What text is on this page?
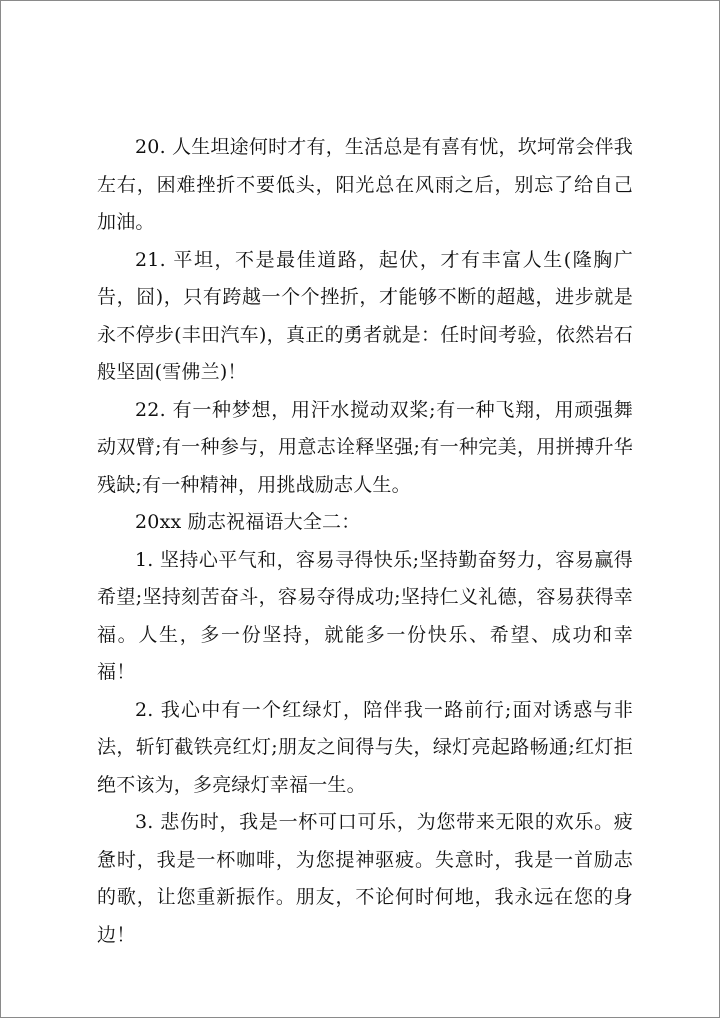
20. 人生坦途何时才有，生活总是有喜有忧，坎坷常会伴我左右，困难挫折不要低头，阳光总在风雨之后，别忘了给自己加油。

21. 平坦，不是最佳道路，起伏，才有丰富人生(隆胸广告，囧)，只有跨越一个个挫折，才能够不断的超越，进步就是永不停步(丰田汽车)，真正的勇者就是：任时间考验，依然岩石般坚固(雪佛兰)！

22. 有一种梦想，用汗水搅动双桨;有一种飞翔，用顽强舞动双臂;有一种参与，用意志诠释坚强;有一种完美，用拼搏升华残缺;有一种精神，用挑战励志人生。

20xx 励志祝福语大全二：

1. 坚持心平气和，容易寻得快乐;坚持勤奋努力，容易赢得希望;坚持刻苦奋斗，容易夺得成功;坚持仁义礼德，容易获得幸福。人生，多一份坚持，就能多一份快乐、希望、成功和幸福！

2. 我心中有一个红绿灯，陪伴我一路前行;面对诱惑与非法，斩钉截铁亮红灯;朋友之间得与失，绿灯亮起路畅通;红灯拒绝不该为，多亮绿灯幸福一生。

3. 悲伤时，我是一杯可口可乐，为您带来无限的欢乐。疲惫时，我是一杯咖啡，为您提神驱疲。失意时，我是一首励志的歌，让您重新振作。朋友，不论何时何地，我永远在您的身边！
